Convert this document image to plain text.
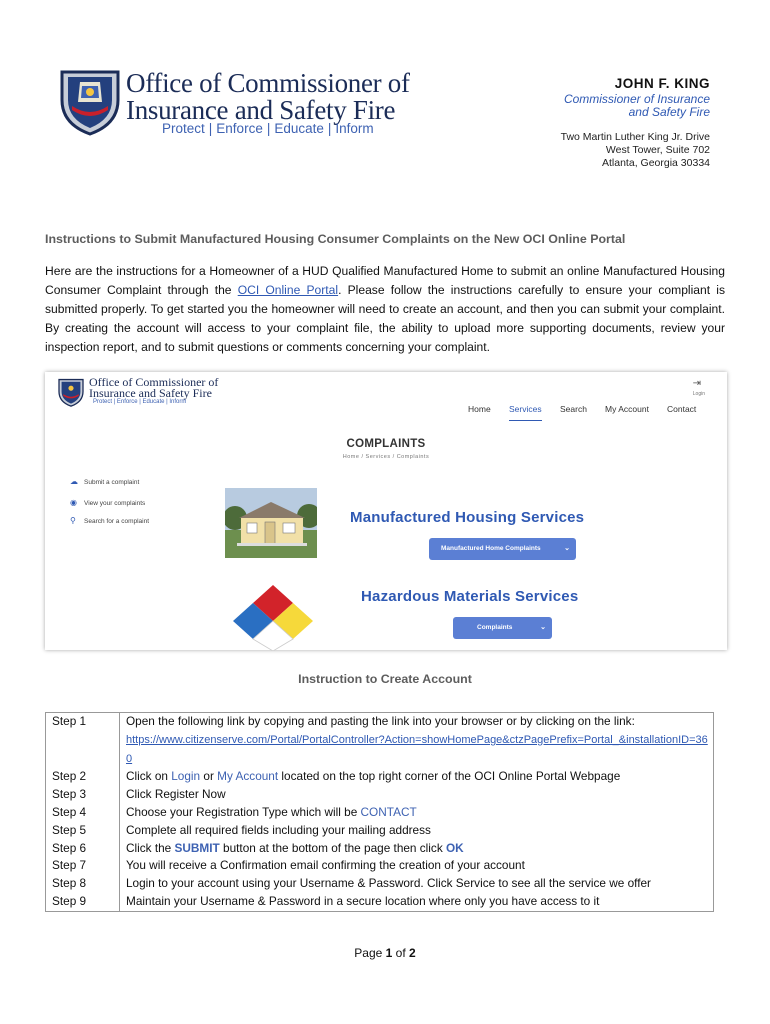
Office of Commissioner of
Insurance and Safety Fire
Protect | Enforce | Educate | Inform
JOHN F. KING
Commissioner of Insurance
and Safety Fire
Two Martin Luther King Jr. Drive
West Tower, Suite 702
Atlanta, Georgia 30334
Instructions to Submit Manufactured Housing Consumer Complaints on the New OCI Online Portal
Here are the instructions for a Homeowner of a HUD Qualified Manufactured Home to submit an online Manufactured Housing Consumer Complaint through the OCI Online Portal. Please follow the instructions carefully to ensure your compliant is submitted properly. To get started you the homeowner will need to create an account, and then you can submit your complaint. By creating the account will access to your complaint file, the ability to upload more supporting documents, review your inspection report, and to submit questions or comments concerning your complaint.
Office of Commissioner of
Insurance and Safety Fire
Protect | Enforce | Educate | Inform
⇥
Login
Home Services Search My Account Contact
COMPLAINTS
Home / Services / Complaints
☁ Submit a complaint
◉ View your complaints
⚲ Search for a complaint	Manufactured Housing Services
Manufactured Home Complaints	⌄
Hazardous Materials Services
Complaints	⌄
Instruction to Create Account
Step 1	Open the following link by copying and pasting the link into your browser or by clicking on the link:
https://www.citizenserve.com/Portal/PortalController?Action=showHomePage&ctzPagePrefix=Portal_&installationID=360
Step 2	Click on Login or My Account located on the top right corner of the OCI Online Portal Webpage
Step 3	Click Register Now
Step 4	Choose your Registration Type which will be CONTACT
Step 5	Complete all required fields including your mailing address
Step 6	Click the SUBMIT button at the bottom of the page then click OK
Step 7	You will receive a Confirmation email confirming the creation of your account
Step 8	Login to your account using your Username & Password. Click Service to see all the service we offer
Step 9	Maintain your Username & Password in a secure location where only you have access to it
Page 1 of 2
